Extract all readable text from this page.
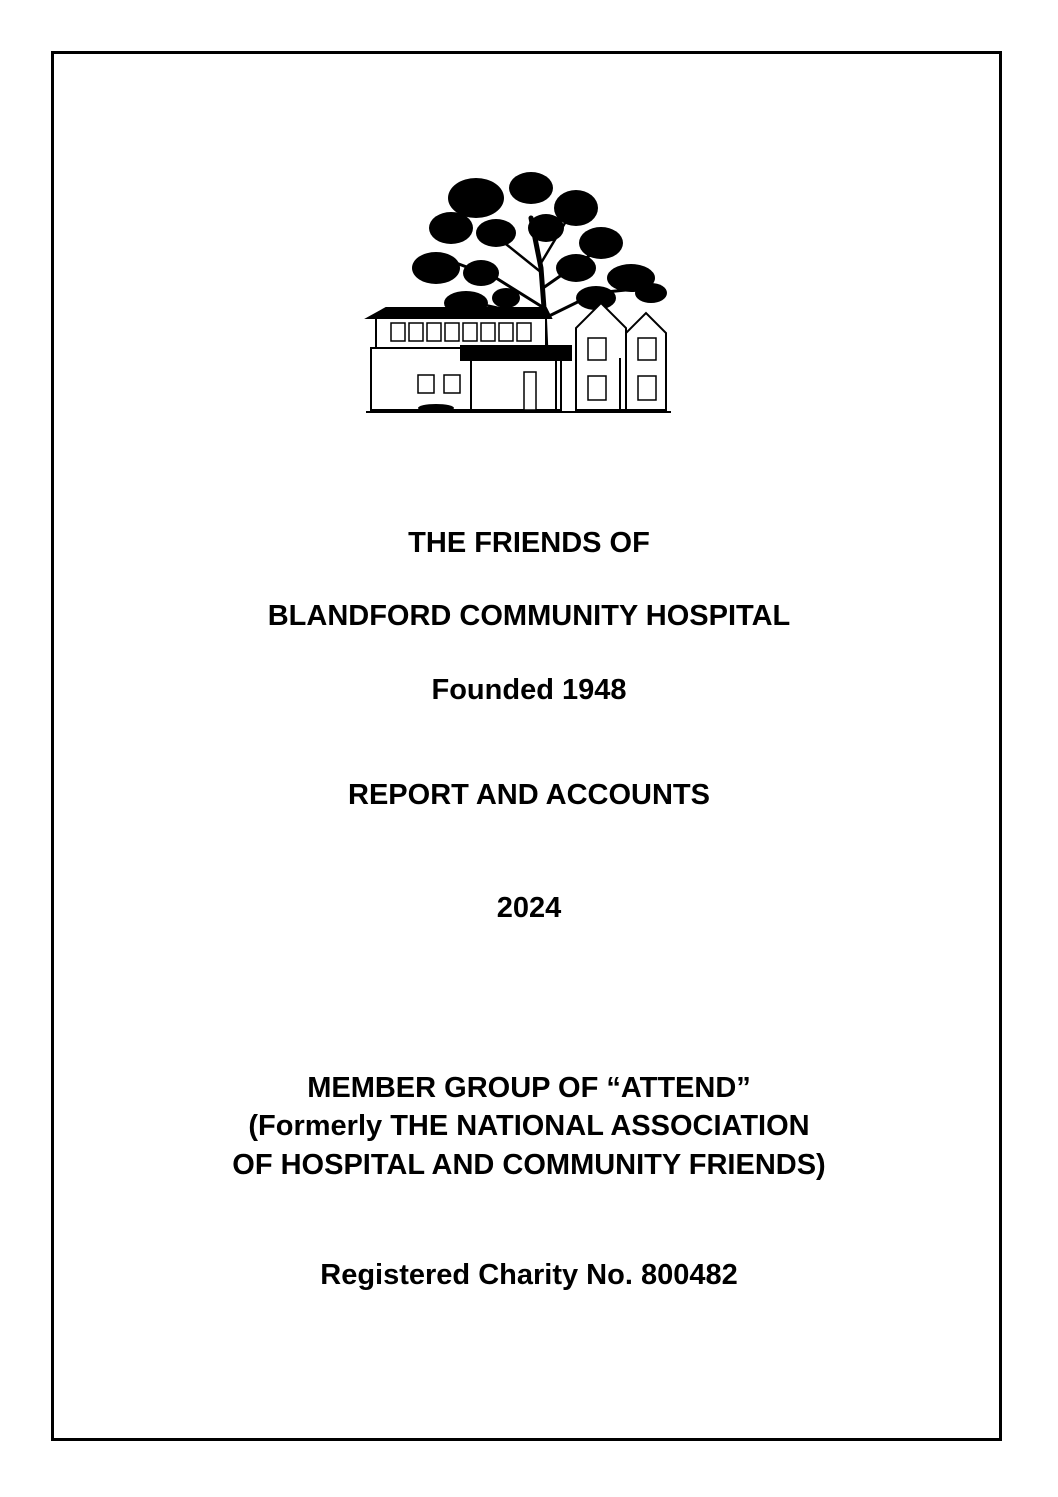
THE FRIENDS OF
BLANDFORD COMMUNITY HOSPITAL
Founded 1948
REPORT AND ACCOUNTS
2024
MEMBER GROUP OF “ATTEND”
(Formerly THE NATIONAL ASSOCIATION
OF HOSPITAL AND COMMUNITY FRIENDS)
Registered Charity No. 800482
